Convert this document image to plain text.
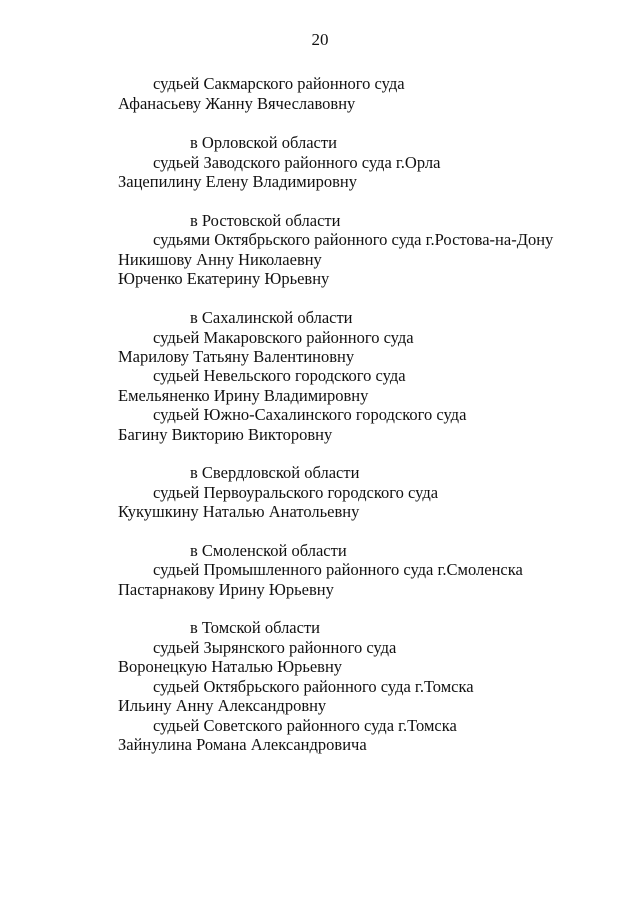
20
судьей Сакмарского районного суда
Афанасьеву Жанну Вячеславовну
в Орловской области
судьей Заводского районного суда г.Орла
Зацепилину Елену Владимировну
в Ростовской области
судьями Октябрьского районного суда г.Ростова-на-Дону
Никишову Анну Николаевну
Юрченко Екатерину Юрьевну
в Сахалинской области
судьей Макаровского районного суда
Марилову Татьяну Валентиновну
судьей Невельского городского суда
Емельяненко Ирину Владимировну
судьей Южно-Сахалинского городского суда
Багину Викторию Викторовну
в Свердловской области
судьей Первоуральского городского суда
Кукушкину Наталью Анатольевну
в Смоленской области
судьей Промышленного районного суда г.Смоленска
Пастарнакову Ирину Юрьевну
в Томской области
судьей Зырянского районного суда
Воронецкую Наталью Юрьевну
судьей Октябрьского районного суда г.Томска
Ильину Анну Александровну
судьей Советского районного суда г.Томска
Зайнулина Романа Александровича
